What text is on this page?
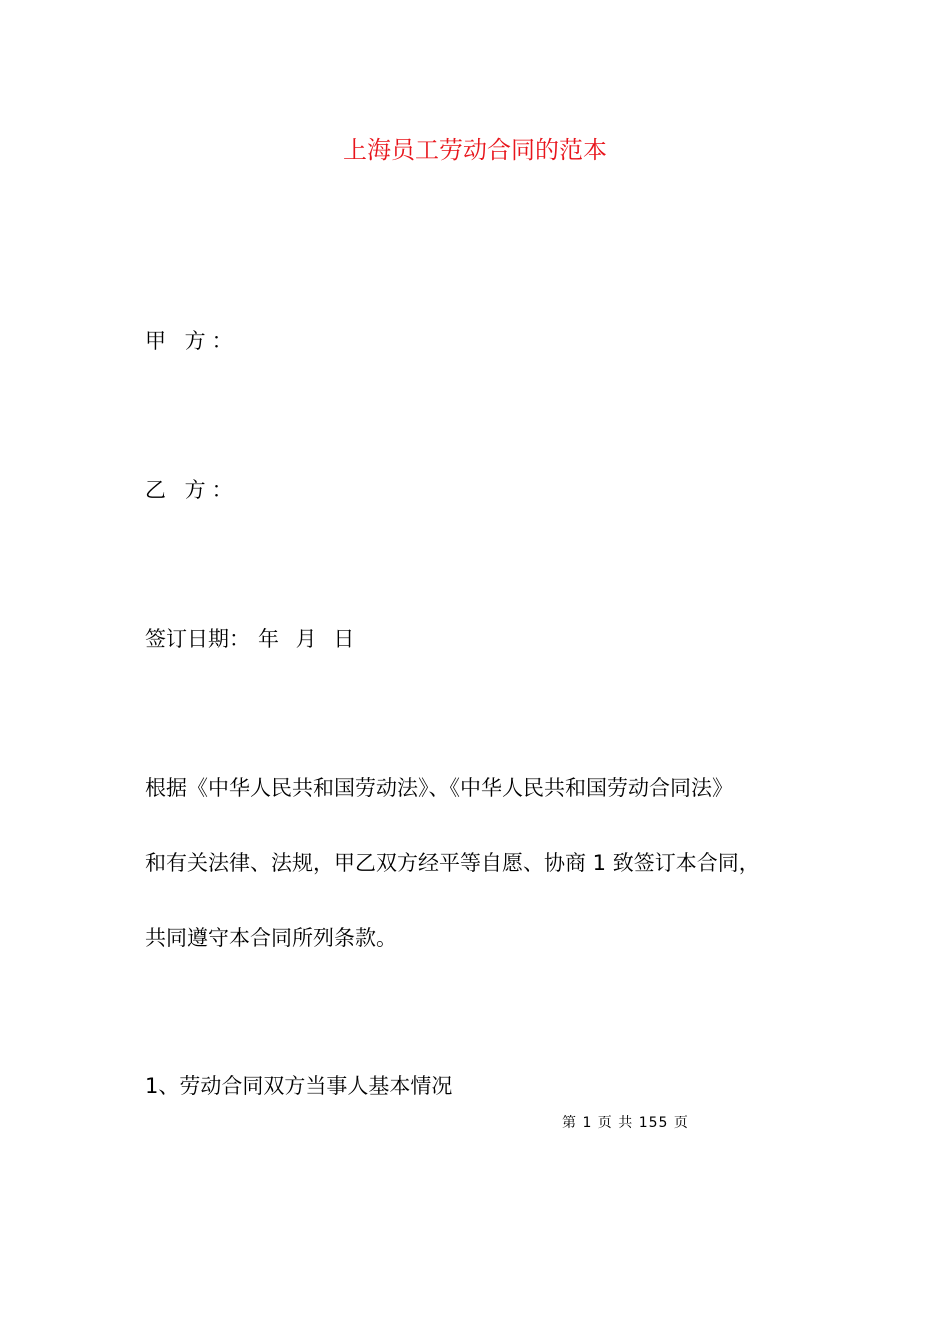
上海员工劳动合同的范本
甲 方：
乙 方：
签订日期： 年 月 日
根据《中华人民共和国劳动法》、《中华人民共和国劳动合同法》
和有关法律、法规，甲乙双方经平等自愿、协商 1 致签订本合同，
共同遵守本合同所列条款。
1、劳动合同双方当事人基本情况
第 1 页 共 155 页
